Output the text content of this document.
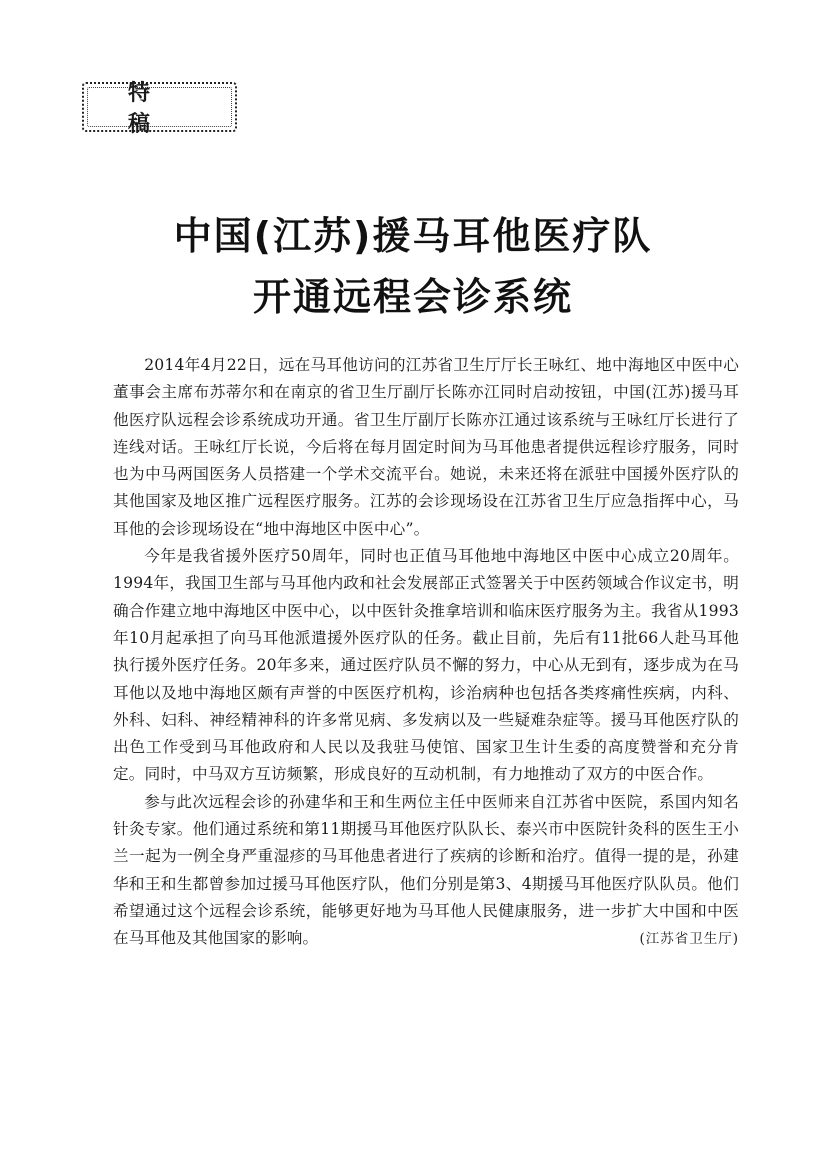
特 稿
中国(江苏)援马耳他医疗队
开通远程会诊系统

2014年4月22日，远在马耳他访问的江苏省卫生厅厅长王咏红、地中海地区中医中心董事会主席布苏蒂尔和在南京的省卫生厅副厅长陈亦江同时启动按钮，中国(江苏)援马耳他医疗队远程会诊系统成功开通。省卫生厅副厅长陈亦江通过该系统与王咏红厅长进行了连线对话。王咏红厅长说，今后将在每月固定时间为马耳他患者提供远程诊疗服务，同时也为中马两国医务人员搭建一个学术交流平台。她说，未来还将在派驻中国援外医疗队的其他国家及地区推广远程医疗服务。江苏的会诊现场设在江苏省卫生厅应急指挥中心，马耳他的会诊现场设在“地中海地区中医中心”。

今年是我省援外医疗50周年，同时也正值马耳他地中海地区中医中心成立20周年。1994年，我国卫生部与马耳他内政和社会发展部正式签署关于中医药领域合作议定书，明确合作建立地中海地区中医中心，以中医针灸推拿培训和临床医疗服务为主。我省从1993年10月起承担了向马耳他派遣援外医疗队的任务。截止目前，先后有11批66人赴马耳他执行援外医疗任务。20年多来，通过医疗队员不懈的努力，中心从无到有，逐步成为在马耳他以及地中海地区颇有声誉的中医医疗机构，诊治病种也包括各类疼痛性疾病，内科、外科、妇科、神经精神科的许多常见病、多发病以及一些疑难杂症等。援马耳他医疗队的出色工作受到马耳他政府和人民以及我驻马使馆、国家卫生计生委的高度赞誉和充分肯定。同时，中马双方互访频繁，形成良好的互动机制，有力地推动了双方的中医合作。

参与此次远程会诊的孙建华和王和生两位主任中医师来自江苏省中医院，系国内知名针灸专家。他们通过系统和第11期援马耳他医疗队队长、泰兴市中医院针灸科的医生王小兰一起为一例全身严重湿疹的马耳他患者进行了疾病的诊断和治疗。值得一提的是，孙建华和王和生都曾参加过援马耳他医疗队，他们分别是第3、4期援马耳他医疗队队员。他们希望通过这个远程会诊系统，能够更好地为马耳他人民健康服务，进一步扩大中国和中医在马耳他及其他国家的影响。	(江苏省卫生厅)
